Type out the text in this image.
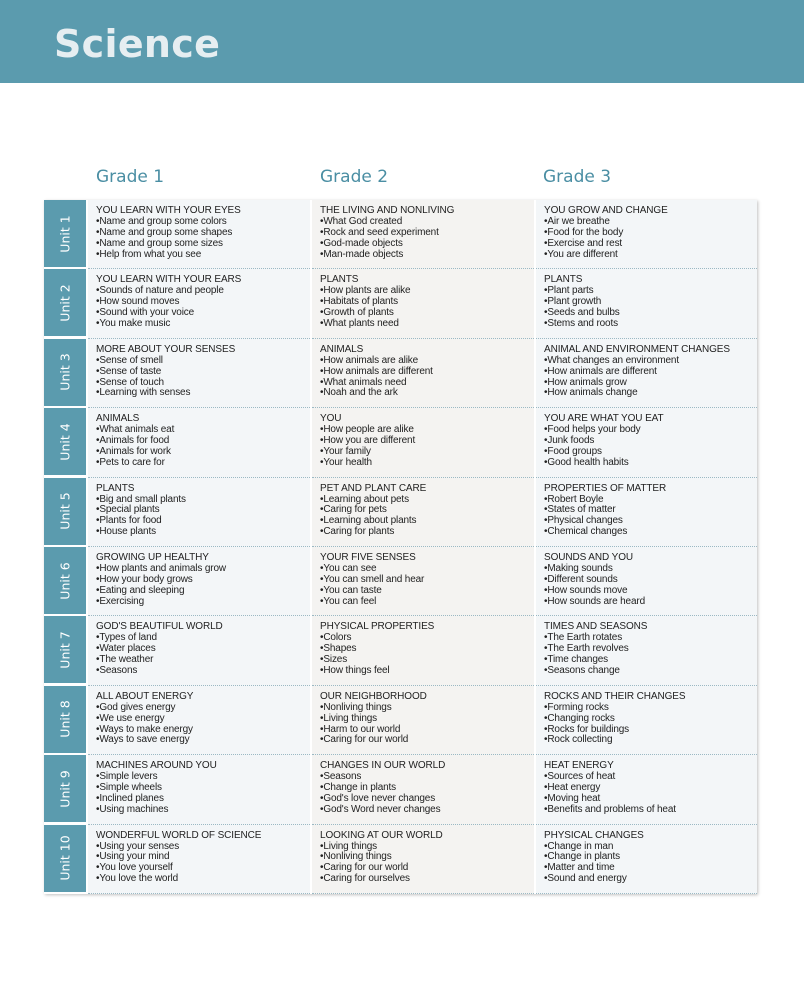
Science
Grade 1	Grade 2	Grade 3
Unit 1
YOU LEARN WITH YOUR EYES
• Name and group some colors
• Name and group some shapes
• Name and group some sizes
• Help from what you see
THE LIVING AND NONLIVING
• What God created
• Rock and seed experiment
• God-made objects
• Man-made objects
YOU GROW AND CHANGE
• Air we breathe
• Food for the body
• Exercise and rest
• You are different
Unit 2
YOU LEARN WITH YOUR EARS
• Sounds of nature and people
• How sound moves
• Sound with your voice
• You make music
PLANTS
• How plants are alike
• Habitats of plants
• Growth of plants
• What plants need
PLANTS
• Plant parts
• Plant growth
• Seeds and bulbs
• Stems and roots
Unit 3
MORE ABOUT YOUR SENSES
• Sense of smell
• Sense of taste
• Sense of touch
• Learning with senses
ANIMALS
• How animals are alike
• How animals are different
• What animals need
• Noah and the ark
ANIMAL AND ENVIRONMENT CHANGES
• What changes an environment
• How animals are different
• How animals grow
• How animals change
Unit 4
ANIMALS
• What animals eat
• Animals for food
• Animals for work
• Pets to care for
YOU
• How people are alike
• How you are different
• Your family
• Your health
YOU ARE WHAT YOU EAT
• Food helps your body
• Junk foods
• Food groups
• Good health habits
Unit 5
PLANTS
• Big and small plants
• Special plants
• Plants for food
• House plants
PET AND PLANT CARE
• Learning about pets
• Caring for pets
• Learning about plants
• Caring for plants
PROPERTIES OF MATTER
• Robert Boyle
• States of matter
• Physical changes
• Chemical changes
Unit 6
GROWING UP HEALTHY
• How plants and animals grow
• How your body grows
• Eating and sleeping
• Exercising
YOUR FIVE SENSES
• You can see
• You can smell and hear
• You can taste
• You can feel
SOUNDS AND YOU
• Making sounds
• Different sounds
• How sounds move
• How sounds are heard
Unit 7
GOD'S BEAUTIFUL WORLD
• Types of land
• Water places
• The weather
• Seasons
PHYSICAL PROPERTIES
• Colors
• Shapes
• Sizes
• How things feel
TIMES AND SEASONS
• The Earth rotates
• The Earth revolves
• Time changes
• Seasons change
Unit 8
ALL ABOUT ENERGY
• God gives energy
• We use energy
• Ways to make energy
• Ways to save energy
OUR NEIGHBORHOOD
• Nonliving things
• Living things
• Harm to our world
• Caring for our world
ROCKS AND THEIR CHANGES
• Forming rocks
• Changing rocks
• Rocks for buildings
• Rock collecting
Unit 9
MACHINES AROUND YOU
• Simple levers
• Simple wheels
• Inclined planes
• Using machines
CHANGES IN OUR WORLD
• Seasons
• Change in plants
• God's love never changes
• God's Word never changes
HEAT ENERGY
• Sources of heat
• Heat energy
• Moving heat
• Benefits and problems of heat
Unit 10
WONDERFUL WORLD OF SCIENCE
• Using your senses
• Using your mind
• You love yourself
• You love the world
LOOKING AT OUR WORLD
• Living things
• Nonliving things
• Caring for our world
• Caring for ourselves
PHYSICAL CHANGES
• Change in man
• Change in plants
• Matter and time
• Sound and energy
